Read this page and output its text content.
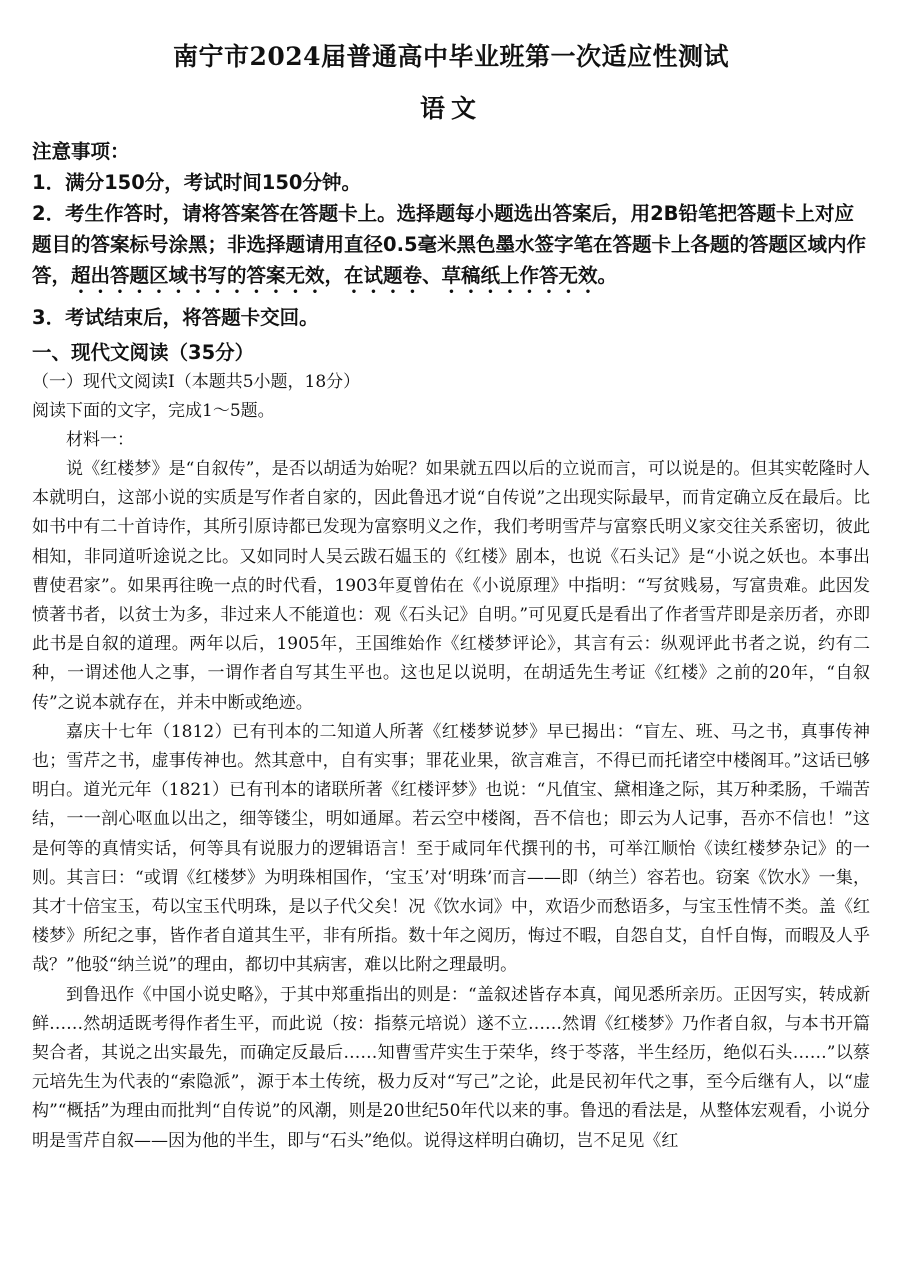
南宁市2024届普通高中毕业班第一次适应性测试
语文

注意事项：

1．满分150分，考试时间150分钟。

2．考生作答时，请将答案答在答题卡上。选择题每小题选出答案后，用2B铅笔把答题卡上对应题目的答案标号涂黑；非选择题请用直径0.5毫米黑色墨水签字笔在答题卡上各题的答题区域内作答，超出答题区域书写的答案无效，在试题卷、草稿纸上作答无效。

3．考试结束后，将答题卡交回。

一、现代文阅读（35分）

（一）现代文阅读Ⅰ（本题共5小题，18分）

阅读下面的文字，完成1～5题。

材料一：

说《红楼梦》是“自叙传”，是否以胡适为始呢？如果就五四以后的立说而言，可以说是的。但其实乾隆时人本就明白，这部小说的实质是写作者自家的，因此鲁迅才说“自传说”之出现实际最早，而肯定确立反在最后。比如书中有二十首诗作，其所引原诗都已发现为富察明义之作，我们考明雪芹与富察氏明义家交往关系密切，彼此相知，非同道听途说之比。又如同时人吴云跋石媪玉的《红楼》剧本，也说《石头记》是“小说之妖也。本事出曹使君家”。如果再往晚一点的时代看，1903年夏曾佑在《小说原理》中指明：“写贫贱易，写富贵难。此因发愤著书者，以贫士为多，非过来人不能道也：观《石头记》自明。”可见夏氏是看出了作者雪芹即是亲历者，亦即此书是自叙的道理。两年以后，1905年，王国维始作《红楼梦评论》，其言有云：纵观评此书者之说，约有二种，一谓述他人之事，一谓作者自写其生平也。这也足以说明，在胡适先生考证《红楼》之前的20年，“自叙传”之说本就存在，并未中断或绝迹。

嘉庆十七年（1812）已有刊本的二知道人所著《红楼梦说梦》早已揭出：“盲左、班、马之书，真事传神也；雪芹之书，虚事传神也。然其意中，自有实事；罪花业果，欲言难言，不得已而托诸空中楼阁耳。”这话已够明白。道光元年（1821）已有刊本的诸联所著《红楼评梦》也说：“凡值宝、黛相逢之际，其万种柔肠，千端苦结，一一剖心呕血以出之，细等镂尘，明如通犀。若云空中楼阁，吾不信也；即云为人记事，吾亦不信也！”这是何等的真情实话，何等具有说服力的逻辑语言！至于咸同年代撰刊的书，可举江顺怡《读红楼梦杂记》的一则。其言曰：“或谓《红楼梦》为明珠相国作，‘宝玉’对‘明珠’而言——即（纳兰）容若也。窃案《饮水》一集，其才十倍宝玉，苟以宝玉代明珠，是以子代父矣！况《饮水词》中，欢语少而愁语多，与宝玉性情不类。盖《红楼梦》所纪之事，皆作者自道其生平，非有所指。数十年之阅历，悔过不暇，自怨自艾，自忏自悔，而暇及人乎哉？”他驳“纳兰说”的理由，都切中其病害，难以比附之理最明。

到鲁迅作《中国小说史略》，于其中郑重指出的则是：“盖叙述皆存本真，闻见悉所亲历。正因写实，转成新鲜……然胡适既考得作者生平，而此说（按：指蔡元培说）遂不立……然谓《红楼梦》乃作者自叙，与本书开篇契合者，其说之出实最先，而确定反最后……知曹雪芹实生于荣华，终于苓落，半生经历，绝似石头……”以蔡元培先生为代表的“索隐派”，源于本土传统，极力反对“写己”之论，此是民初年代之事，至今后继有人，以“虚构”“概括”为理由而批判“自传说”的风潮，则是20世纪50年代以来的事。鲁迅的看法是，从整体宏观看，小说分明是雪芹自叙——因为他的半生，即与“石头”绝似。说得这样明白确切，岂不足见《红
